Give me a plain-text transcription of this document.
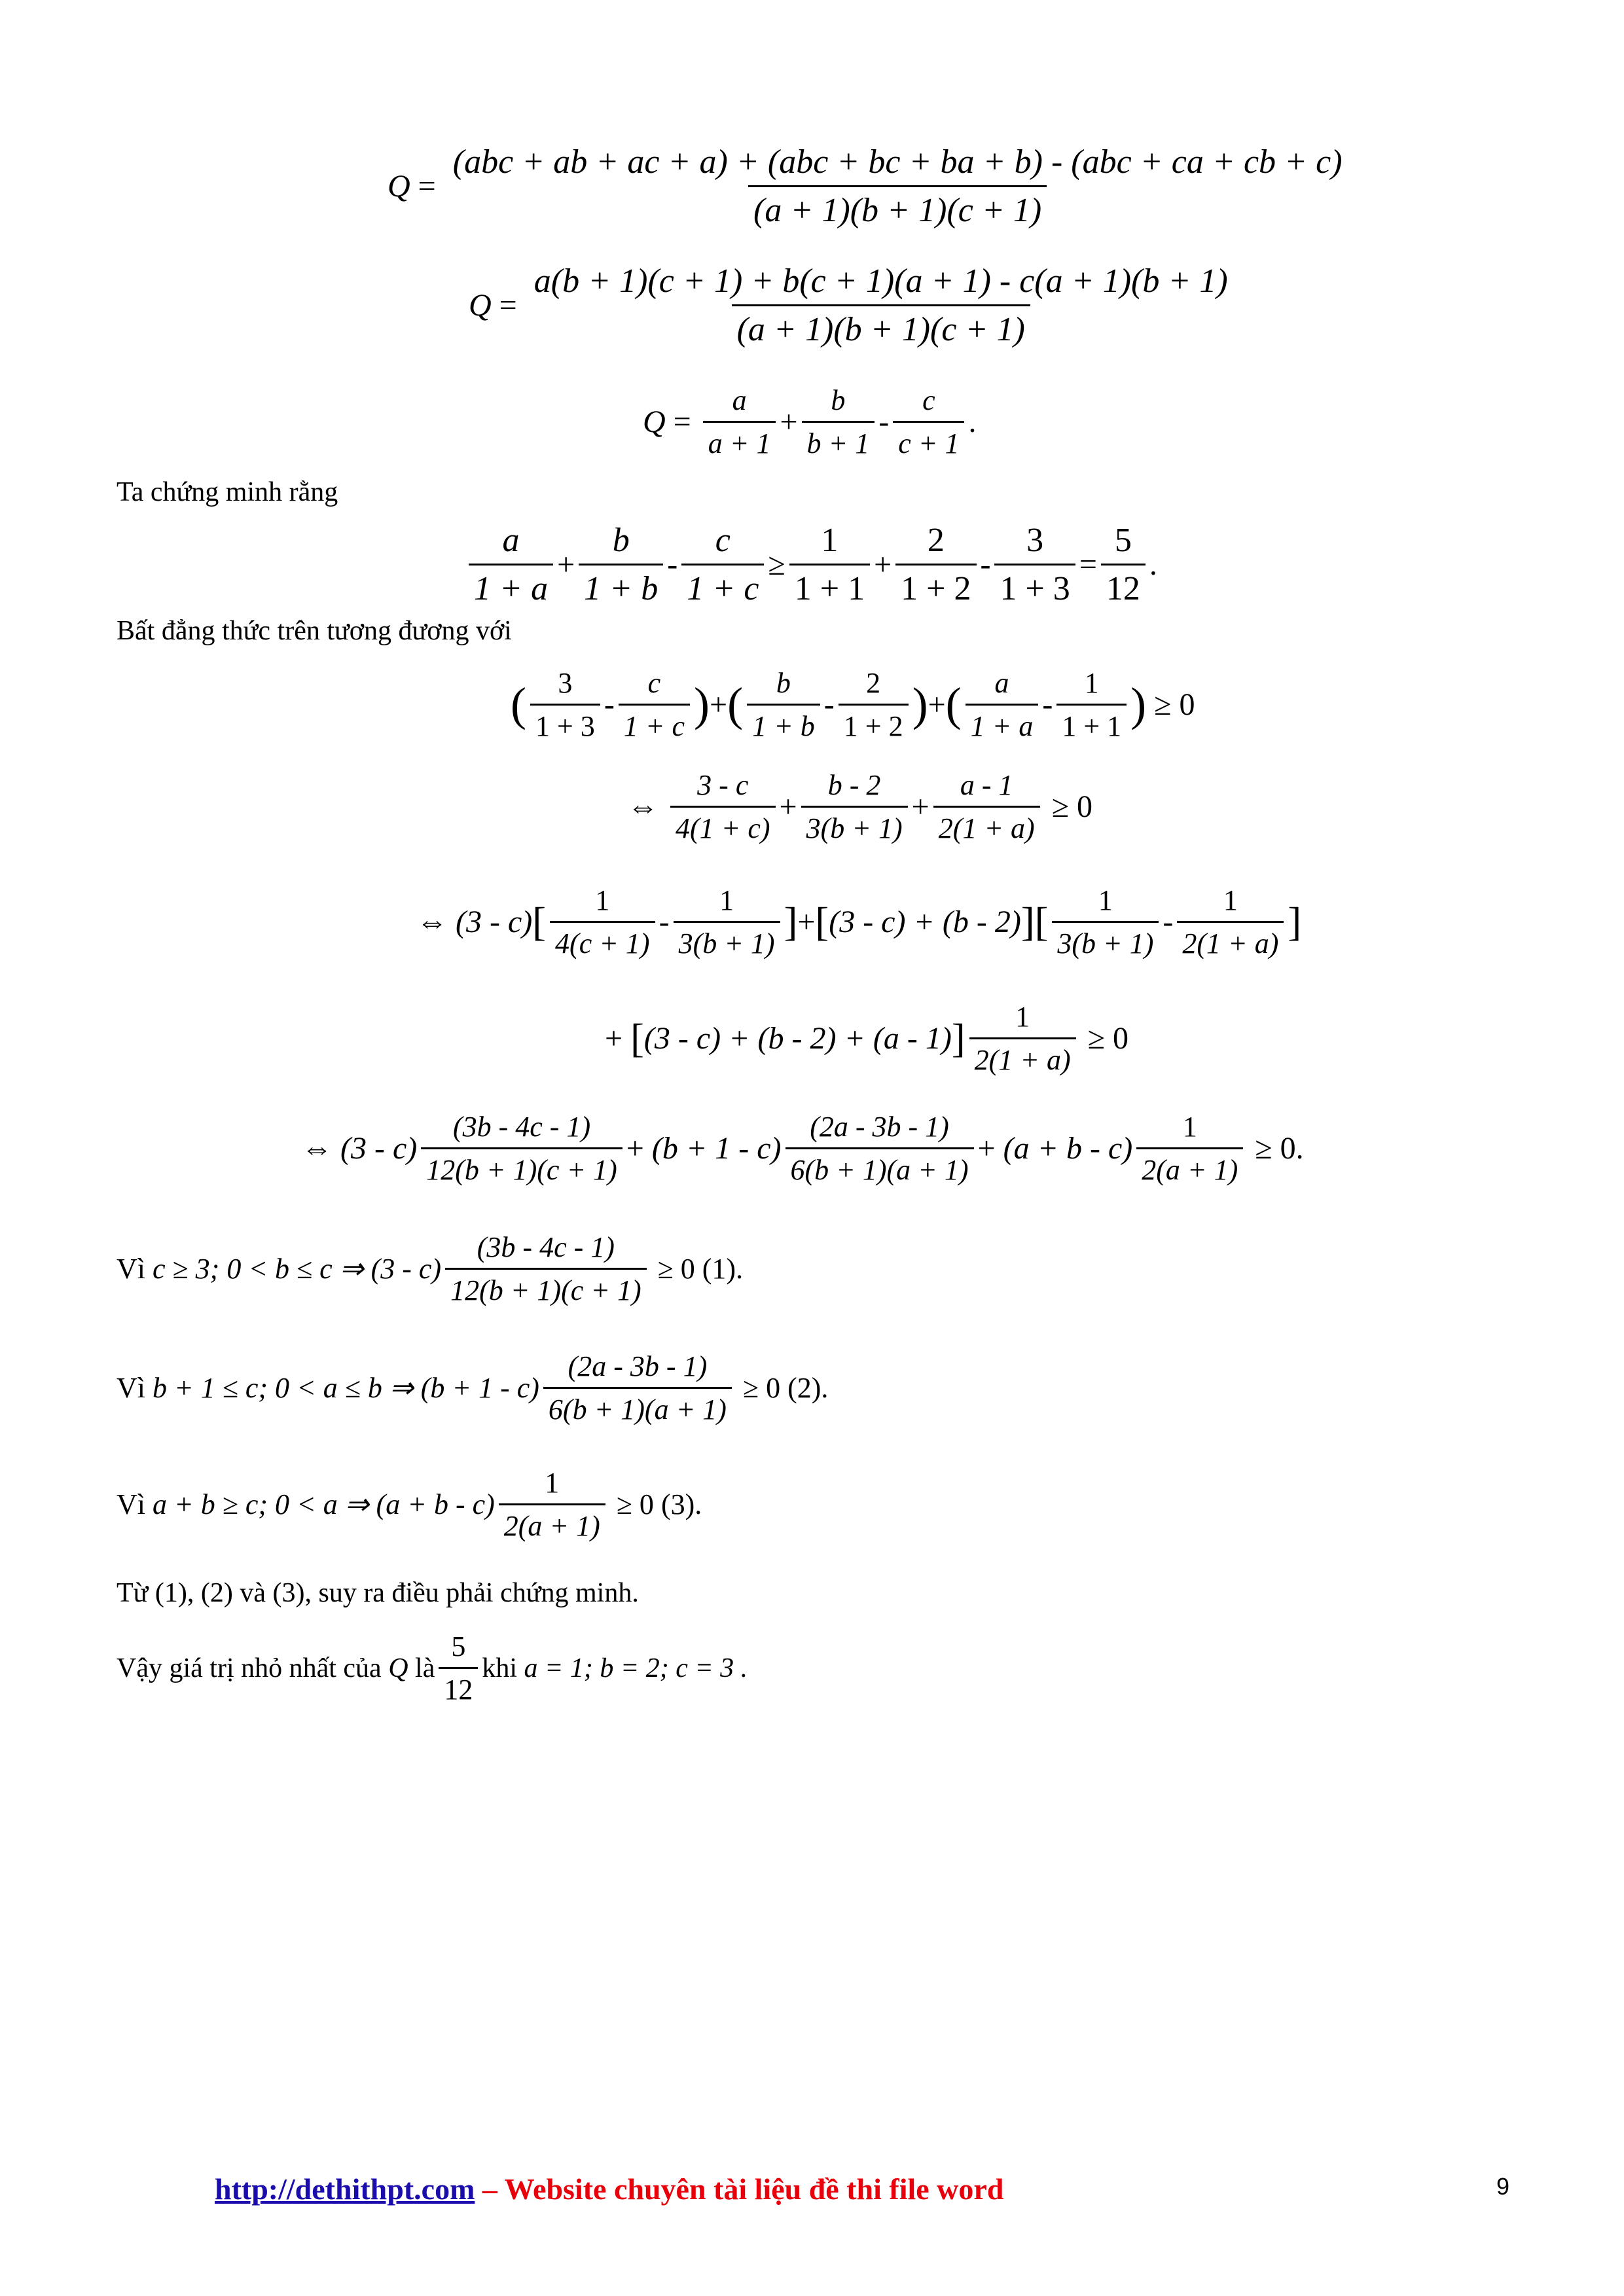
Q =
(abc + ab + ac + a) + (abc + bc + ba + b) - (abc + ca + cb + c)
(a + 1)(b + 1)(c + 1)
$Q = \frac{a(b + 1)(c + 1) + b(c + 1)(a + 1) - c(a + 1)(b + 1)}{(a + 1)(b + 1)(c + 1)}$
$Q = \frac{a}{a + 1} + \frac{b}{b + 1} - \frac{c}{c + 1}$ .
Ta chứng minh rằng
$\frac{a}{1 + a} + \frac{b}{1 + b} - \frac{c}{1 + c} \ge \frac{1}{1 + 1} + \frac{2}{1 + 2} - \frac{3}{1 + 3} = \frac{5}{12}$ .
Bất đẳng thức trên tương đương với
( $\frac{3}{1 + 3} - \frac{c}{1 + c}$ ) + ( $\frac{b}{1 + b} - \frac{2}{1 + 2}$ ) + ( $\frac{a}{1 + a} - \frac{1}{1 + 1}$ ) ≥ 0
⇔ $\frac{3 - c}{4(1 + c)} + \frac{b - 2}{3(b + 1)} + \frac{a - 1}{2(1 + a)} \ge 0$
⇔ (3 - c) [ $\frac{1}{4(c + 1)} - \frac{1}{3(b + 1)}$ ] + [ (3 - c) + (b - 2) ] [ $\frac{1}{3(b + 1)} - \frac{1}{2(1 + a)}$ ]
+ [ (3 - c) + (b - 2) + (a - 1) ] $\frac{1}{2(1 + a)} \ge 0$
⇔ $(3 - c) \frac{(3b - 4c - 1)}{12(b + 1)(c + 1)} + (b + 1 - c) \frac{(2a - 3b - 1)}{6(b + 1)(a + 1)} + (a + b - c) \frac{1}{2(a + 1)} \ge 0$.
Vì
c ≥ 3; 0 < b ≤ c ⇒
$(3 - c) \frac{(3b - 4c - 1)}{12(b + 1)(c + 1)} \ge 0$ (1).
Vì
b + 1 ≤ c; 0 < a ≤ b ⇒
$(b + 1 - c) \frac{(2a - 3b - 1)}{6(b + 1)(a + 1)} \ge 0$ (2).
Vì
a + b ≥ c; 0 < a ⇒
$(a + b - c) \frac{1}{2(a + 1)} \ge 0$ (3).
Từ (1), (2) và (3), suy ra điều phải chứng minh.
Vậy giá trị nhỏ nhất của
Q
là $\frac{5}{12}$ khi
a = 1; b = 2; c = 3 .
http://dethithpt.com – Website chuyên tài liệu đề thi file word	9
